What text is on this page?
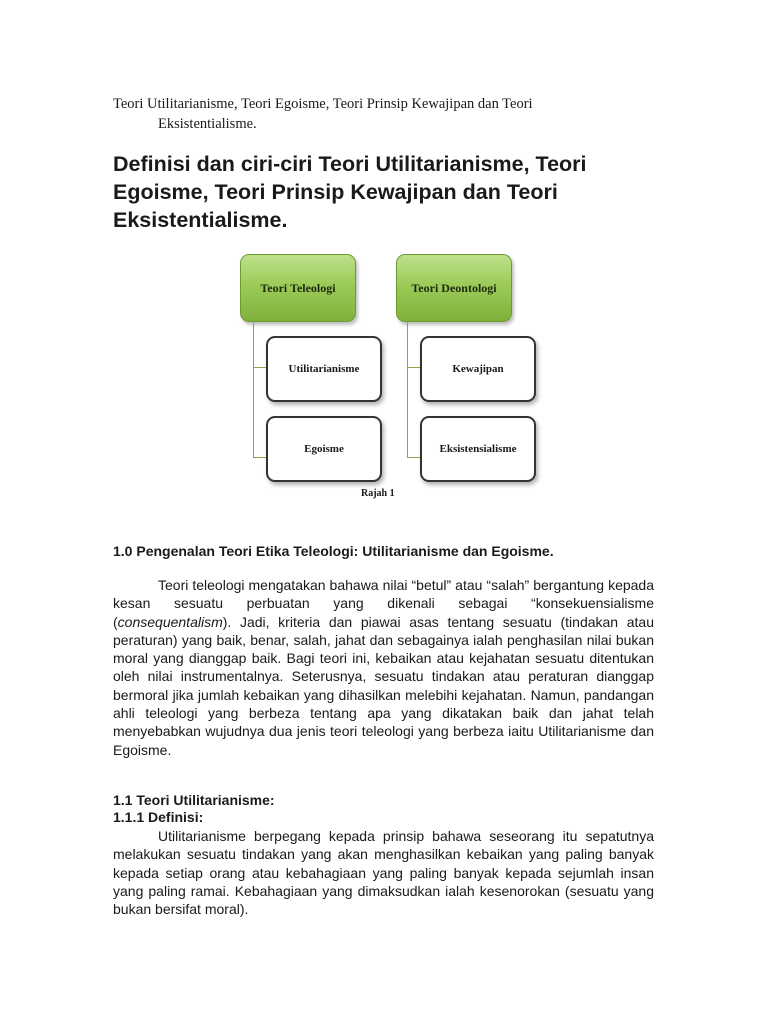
Teori Utilitarianisme, Teori Egoisme, Teori Prinsip Kewajipan dan Teori
Eksistentialisme.
Definisi dan ciri-ciri Teori Utilitarianisme, Teori Egoisme, Teori Prinsip Kewajipan dan Teori Eksistentialisme.
Teori Teleologi
Utilitarianisme
Egoisme
Teori Deontologi
Kewajipan
Eksistensialisme
Rajah 1
1.0 Pengenalan Teori Etika Teleologi: Utilitarianisme dan Egoisme.
Teori teleologi mengatakan bahawa nilai “betul” atau “salah” bergantung kepada kesan sesuatu perbuatan yang dikenali sebagai “konsekuensialisme (consequentalism). Jadi, kriteria dan piawai asas tentang sesuatu (tindakan atau peraturan) yang baik, benar, salah, jahat dan sebagainya ialah penghasilan nilai bukan moral yang dianggap baik. Bagi teori ini, kebaikan atau kejahatan sesuatu ditentukan oleh nilai instrumentalnya. Seterusnya, sesuatu tindakan atau peraturan dianggap bermoral jika jumlah kebaikan yang dihasilkan melebihi kejahatan. Namun, pandangan ahli teleologi yang berbeza tentang apa yang dikatakan baik dan jahat telah menyebabkan wujudnya dua jenis teori teleologi yang berbeza iaitu Utilitarianisme dan Egoisme.
1.1 Teori Utilitarianisme:
1.1.1 Definisi:
Utilitarianisme berpegang kepada prinsip bahawa seseorang itu sepatutnya melakukan sesuatu tindakan yang akan menghasilkan kebaikan yang paling banyak kepada setiap orang atau kebahagiaan yang paling banyak kepada sejumlah insan yang paling ramai. Kebahagiaan yang dimaksudkan ialah kesenorokan (sesuatu yang bukan bersifat moral).
